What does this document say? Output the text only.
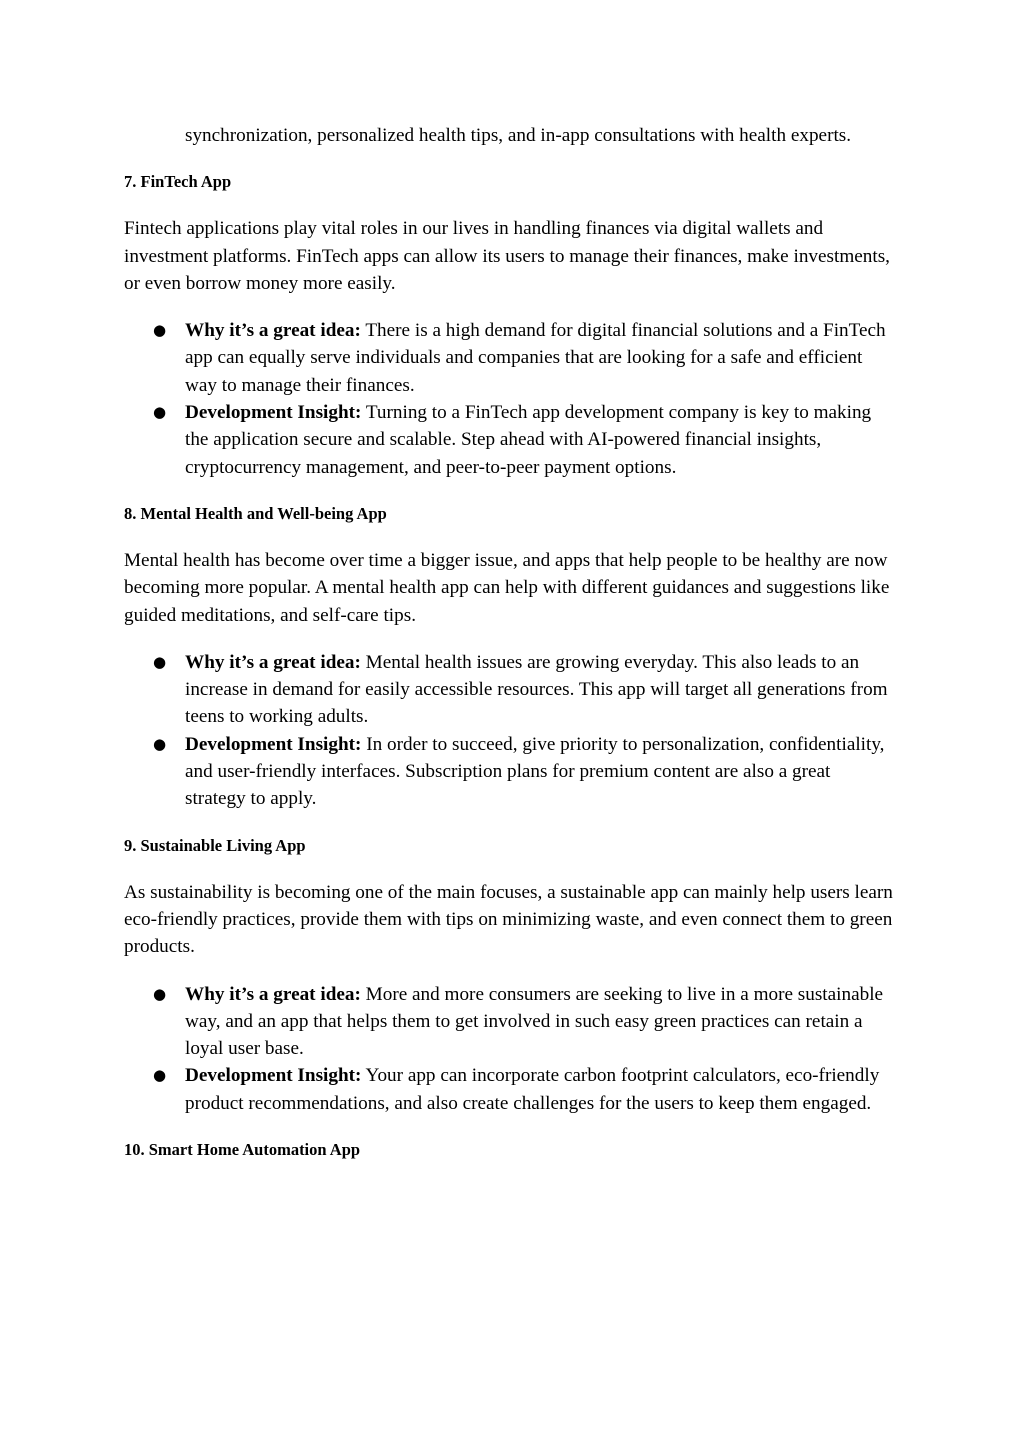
synchronization, personalized health tips, and in-app consultations with health experts.

7. FinTech App

Fintech applications play vital roles in our lives in handling finances via digital wallets and investment platforms. FinTech apps can allow its users to manage their finances, make investments, or even borrow money more easily.

● Why it’s a great idea: There is a high demand for digital financial solutions and a FinTech app can equally serve individuals and companies that are looking for a safe and efficient way to manage their finances.
● Development Insight: Turning to a FinTech app development company is key to making the application secure and scalable. Step ahead with AI-powered financial insights, cryptocurrency management, and peer-to-peer payment options.
8. Mental Health and Well-being App

Mental health has become over time a bigger issue, and apps that help people to be healthy are now becoming more popular. A mental health app can help with different guidances and suggestions like guided meditations, and self-care tips.

● Why it’s a great idea: Mental health issues are growing everyday. This also leads to an increase in demand for easily accessible resources. This app will target all generations from teens to working adults.
● Development Insight: In order to succeed, give priority to personalization, confidentiality, and user-friendly interfaces. Subscription plans for premium content are also a great strategy to apply.
9. Sustainable Living App

As sustainability is becoming one of the main focuses, a sustainable app can mainly help users learn eco-friendly practices, provide them with tips on minimizing waste, and even connect them to green products.

● Why it’s a great idea: More and more consumers are seeking to live in a more sustainable way, and an app that helps them to get involved in such easy green practices can retain a loyal user base.
● Development Insight: Your app can incorporate carbon footprint calculators, eco-friendly product recommendations, and also create challenges for the users to keep them engaged.
10. Smart Home Automation App
